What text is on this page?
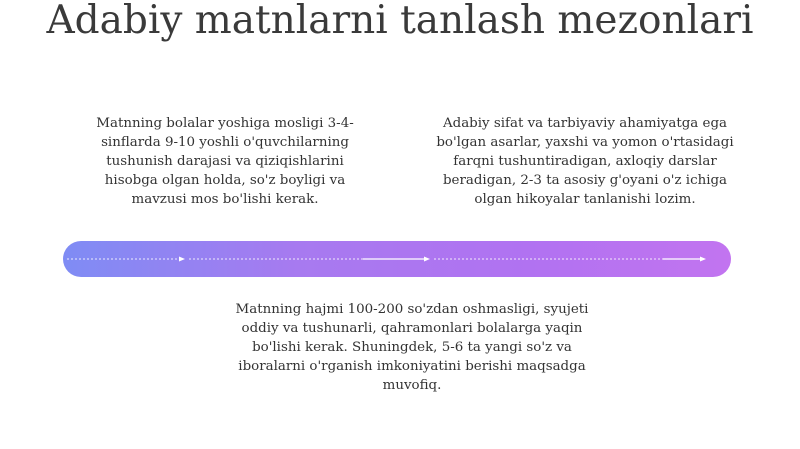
Adabiy matnlarni tanlash mezonlari

Matnning bolalar yoshiga mosligi 3-4-sinflarda 9-10 yoshli o'quvchilarning tushunish darajasi va qiziqishlarini hisobga olgan holda, so'z boyligi va mavzusi mos bo'lishi kerak.

Adabiy sifat va tarbiyaviy ahamiyatga ega bo'lgan asarlar, yaxshi va yomon o'rtasidagi farqni tushuntiradigan, axloqiy darslar beradigan, 2-3 ta asosiy g'oyani o'z ichiga olgan hikoyalar tanlanishi lozim.

Matnning hajmi 100-200 so'zdan oshmasligi, syujeti oddiy va tushunarli, qahramonlari bolalarga yaqin bo'lishi kerak. Shuningdek, 5-6 ta yangi so'z va iboralarni o'rganish imkoniyatini berishi maqsadga muvofiq.
